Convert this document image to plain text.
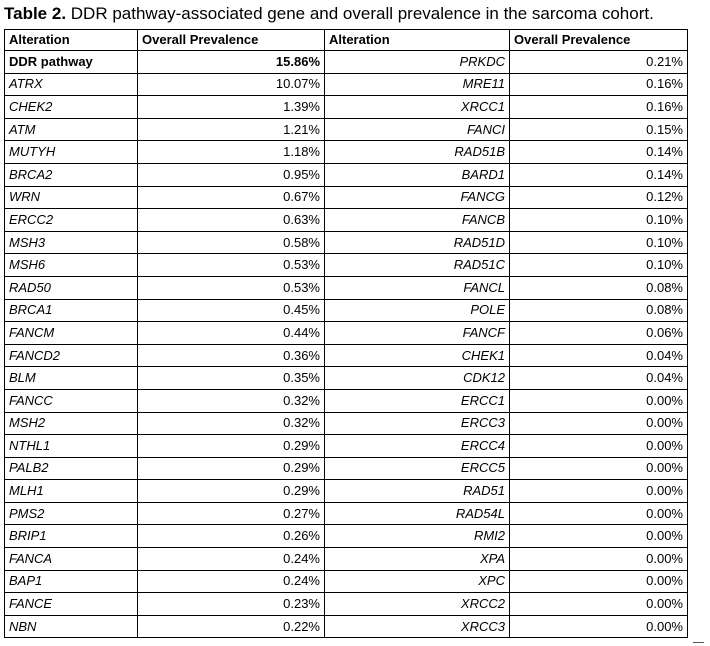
Table 2. DDR pathway-associated gene and overall prevalence in the sarcoma cohort.
Alteration	Overall Prevalence	Alteration	Overall Prevalence
DDR pathway	15.86%	PRKDC	0.21%
ATRX	10.07%	MRE11	0.16%
CHEK2	1.39%	XRCC1	0.16%
ATM	1.21%	FANCI	0.15%
MUTYH	1.18%	RAD51B	0.14%
BRCA2	0.95%	BARD1	0.14%
WRN	0.67%	FANCG	0.12%
ERCC2	0.63%	FANCB	0.10%
MSH3	0.58%	RAD51D	0.10%
MSH6	0.53%	RAD51C	0.10%
RAD50	0.53%	FANCL	0.08%
BRCA1	0.45%	POLE	0.08%
FANCM	0.44%	FANCF	0.06%
FANCD2	0.36%	CHEK1	0.04%
BLM	0.35%	CDK12	0.04%
FANCC	0.32%	ERCC1	0.00%
MSH2	0.32%	ERCC3	0.00%
NTHL1	0.29%	ERCC4	0.00%
PALB2	0.29%	ERCC5	0.00%
MLH1	0.29%	RAD51	0.00%
PMS2	0.27%	RAD54L	0.00%
BRIP1	0.26%	RMI2	0.00%
FANCA	0.24%	XPA	0.00%
BAP1	0.24%	XPC	0.00%
FANCE	0.23%	XRCC2	0.00%
NBN	0.22%	XRCC3	0.00%
